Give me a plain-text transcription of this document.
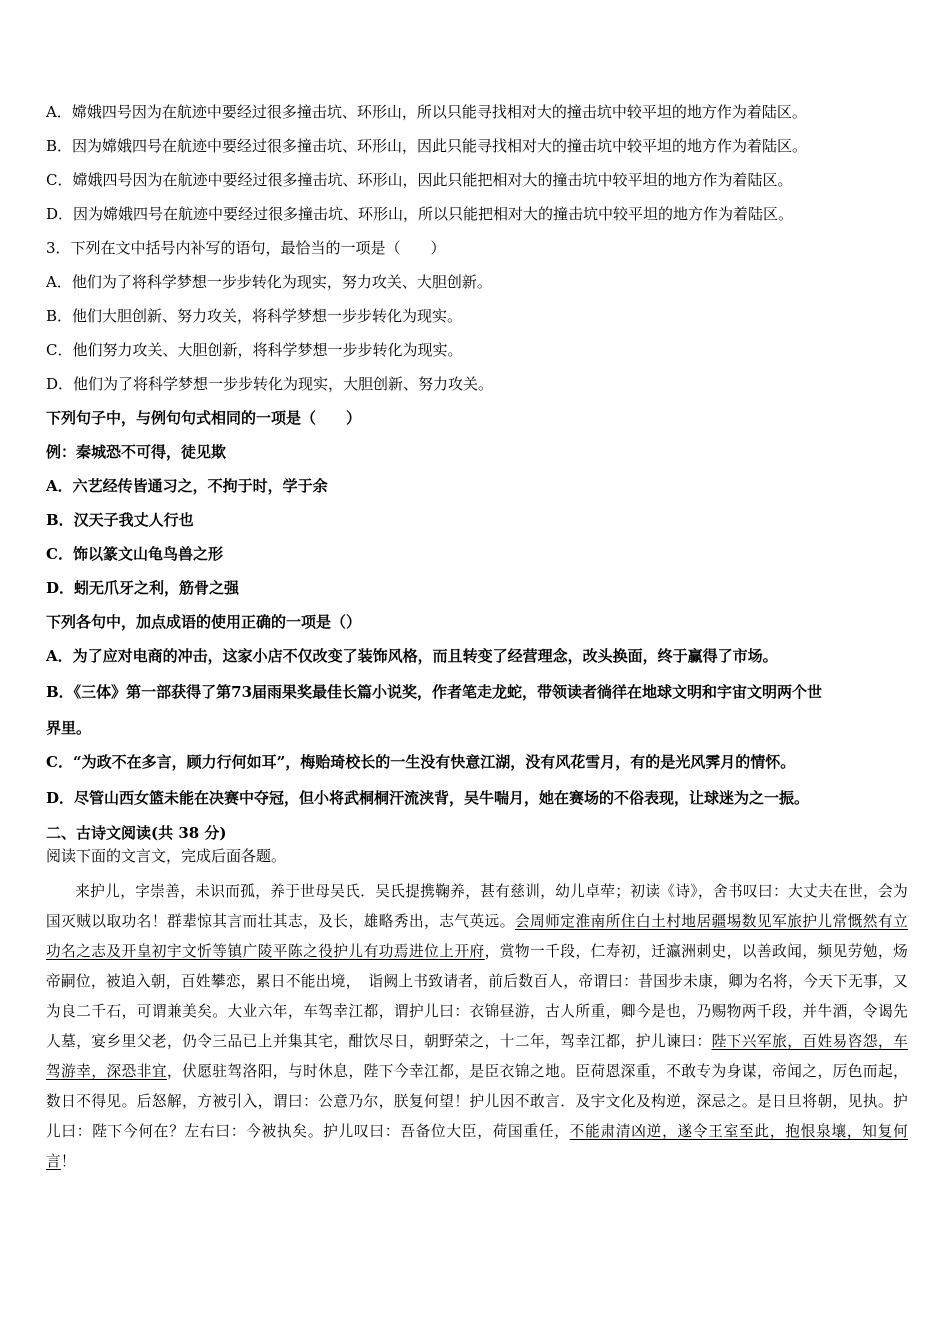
A．嫦娥四号因为在航迹中要经过很多撞击坑、环形山，所以只能寻找相对大的撞击坑中较平坦的地方作为着陆区。
B．因为嫦娥四号在航迹中要经过很多撞击坑、环形山，因此只能寻找相对大的撞击坑中较平坦的地方作为着陆区。
C．嫦娥四号因为在航迹中要经过很多撞击坑、环形山，因此只能把相对大的撞击坑中较平坦的地方作为着陆区。
D．因为嫦娥四号在航迹中要经过很多撞击坑、环形山，所以只能把相对大的撞击坑中较平坦的地方作为着陆区。
3．下列在文中括号内补写的语句，最恰当的一项是（　　）
A．他们为了将科学梦想一步步转化为现实，努力攻关、大胆创新。
B．他们大胆创新、努力攻关，将科学梦想一步步转化为现实。
C．他们努力攻关、大胆创新，将科学梦想一步步转化为现实。
D．他们为了将科学梦想一步步转化为现实，大胆创新、努力攻关。
下列句子中，与例句句式相同的一项是（　　）
例：秦城恐不可得，徒见欺
A．六艺经传皆通习之，不拘于时，学于余
B．汉天子我丈人行也
C．饰以篆文山龟鸟兽之形
D．蚓无爪牙之利，筋骨之强
下列各句中，加点成语的使用正确的一项是（）
A．为了应对电商的冲击，这家小店不仅改变了装饰风格，而且转变了经营理念，改头换面，终于赢得了市场。
B．《三体》第一部获得了第73届雨果奖最佳长篇小说奖，作者笔走龙蛇，带领读者徜徉在地球文明和宇宙文明两个世
界里。
C．“为政不在多言，顾力行何如耳”，梅贻琦校长的一生没有快意江湖，没有风花雪月，有的是光风霁月的情怀。
D．尽管山西女篮未能在决赛中夺冠，但小将武桐桐汗流浃背，吴牛喘月，她在赛场的不俗表现，让球迷为之一振。
二、古诗文阅读(共 38 分)
阅读下面的文言文，完成后面各题。

来护儿，字崇善，未识而孤，养于世母吴氏．吴氏提携鞠养，甚有慈训，幼儿卓荦；初读《诗》，舍书叹曰：大丈夫在世，会为国灭贼以取功名！群辈惊其言而壮其志，及长，雄略秀出，志气英远。会周师定淮南所住白土村地居疆埸数见军旅护儿常慨然有立功名之志及开皇初宇文忻等镇广陵平陈之役护儿有功焉进位上开府，赏物一千段，仁寿初，迁瀛洲刺史，以善政闻，频见劳勉，炀帝嗣位，被追入朝，百姓攀恋，累日不能出境，　诣阙上书致请者，前后数百人，帝谓曰：昔国步未康，卿为名将，今天下无事，又为良二千石，可谓兼美矣。大业六年，车驾幸江都，谓护儿曰：衣锦昼游，古人所重，卿今是也，乃赐物两千段，并牛酒，令谒先人墓，宴乡里父老，仍令三品已上并集其宅，酣饮尽日，朝野荣之，十二年，驾幸江都，护儿谏曰：陛下兴军旅，百姓易咨怨，车驾游幸，深恐非宜，伏愿驻驾洛阳，与时休息，陛下今幸江都，是臣衣锦之地。臣荷恩深重，不敢专为身谋，帝闻之，厉色而起，数日不得见。后怒解，方被引入，谓曰：公意乃尔，朕复何望！护儿因不敢言．及宇文化及构逆，深忌之。是日旦将朝，见执。护儿曰：陛下今何在？左右曰：今被执矣。护儿叹曰：吾备位大臣，荷国重任，不能肃清凶逆，遂令王室至此，抱恨泉壤，知复何言！
